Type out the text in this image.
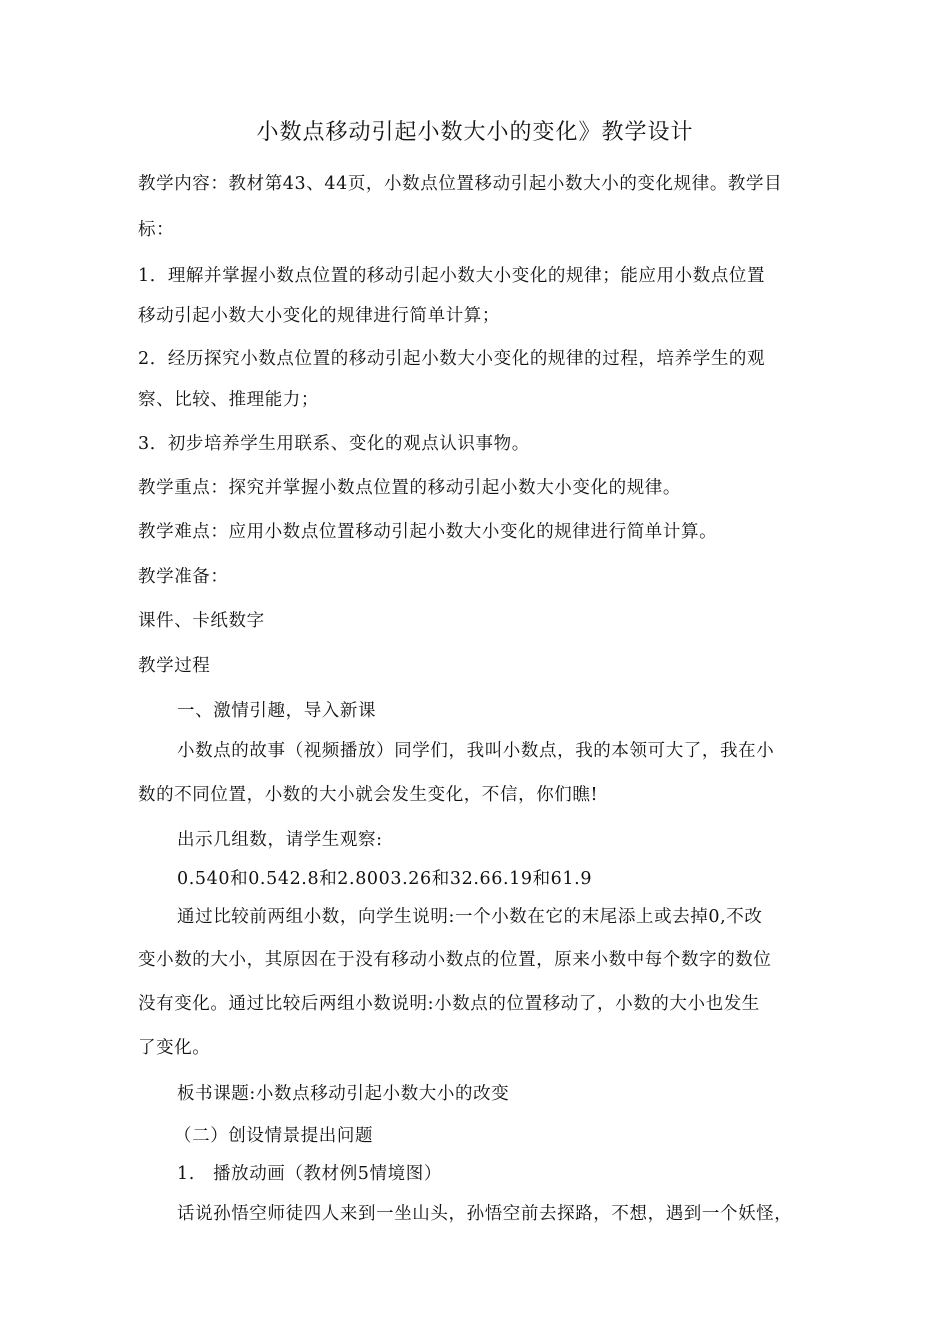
小数点移动引起小数大小的变化》教学设计
教学内容：教材第43、44页，小数点位置移动引起小数大小的变化规律。教学目
标：
1．理解并掌握小数点位置的移动引起小数大小变化的规律；能应用小数点位置
移动引起小数大小变化的规律进行简单计算；
2．经历探究小数点位置的移动引起小数大小变化的规律的过程，培养学生的观
察、比较、推理能力；
3．初步培养学生用联系、变化的观点认识事物。
教学重点：探究并掌握小数点位置的移动引起小数大小变化的规律。
教学难点：应用小数点位置移动引起小数大小变化的规律进行简单计算。
教学准备：
课件、卡纸数字
教学过程
一、激情引趣，导入新课
小数点的故事（视频播放）同学们，我叫小数点，我的本领可大了，我在小
数的不同位置，小数的大小就会发生变化，不信，你们瞧!
出示几组数，请学生观察:
0.540和0.542.8和2.8003.26和32.66.19和61.9
通过比较前两组小数，向学生说明:一个小数在它的末尾添上或去掉0,不改
变小数的大小，其原因在于没有移动小数点的位置，原来小数中每个数字的数位
没有变化。通过比较后两组小数说明:小数点的位置移动了，小数的大小也发生
了变化。
板书课题:小数点移动引起小数大小的改变
（二）创设情景提出问题
1.　播放动画（教材例5情境图）
话说孙悟空师徒四人来到一坐山头，孙悟空前去探路，不想，遇到一个妖怪，
